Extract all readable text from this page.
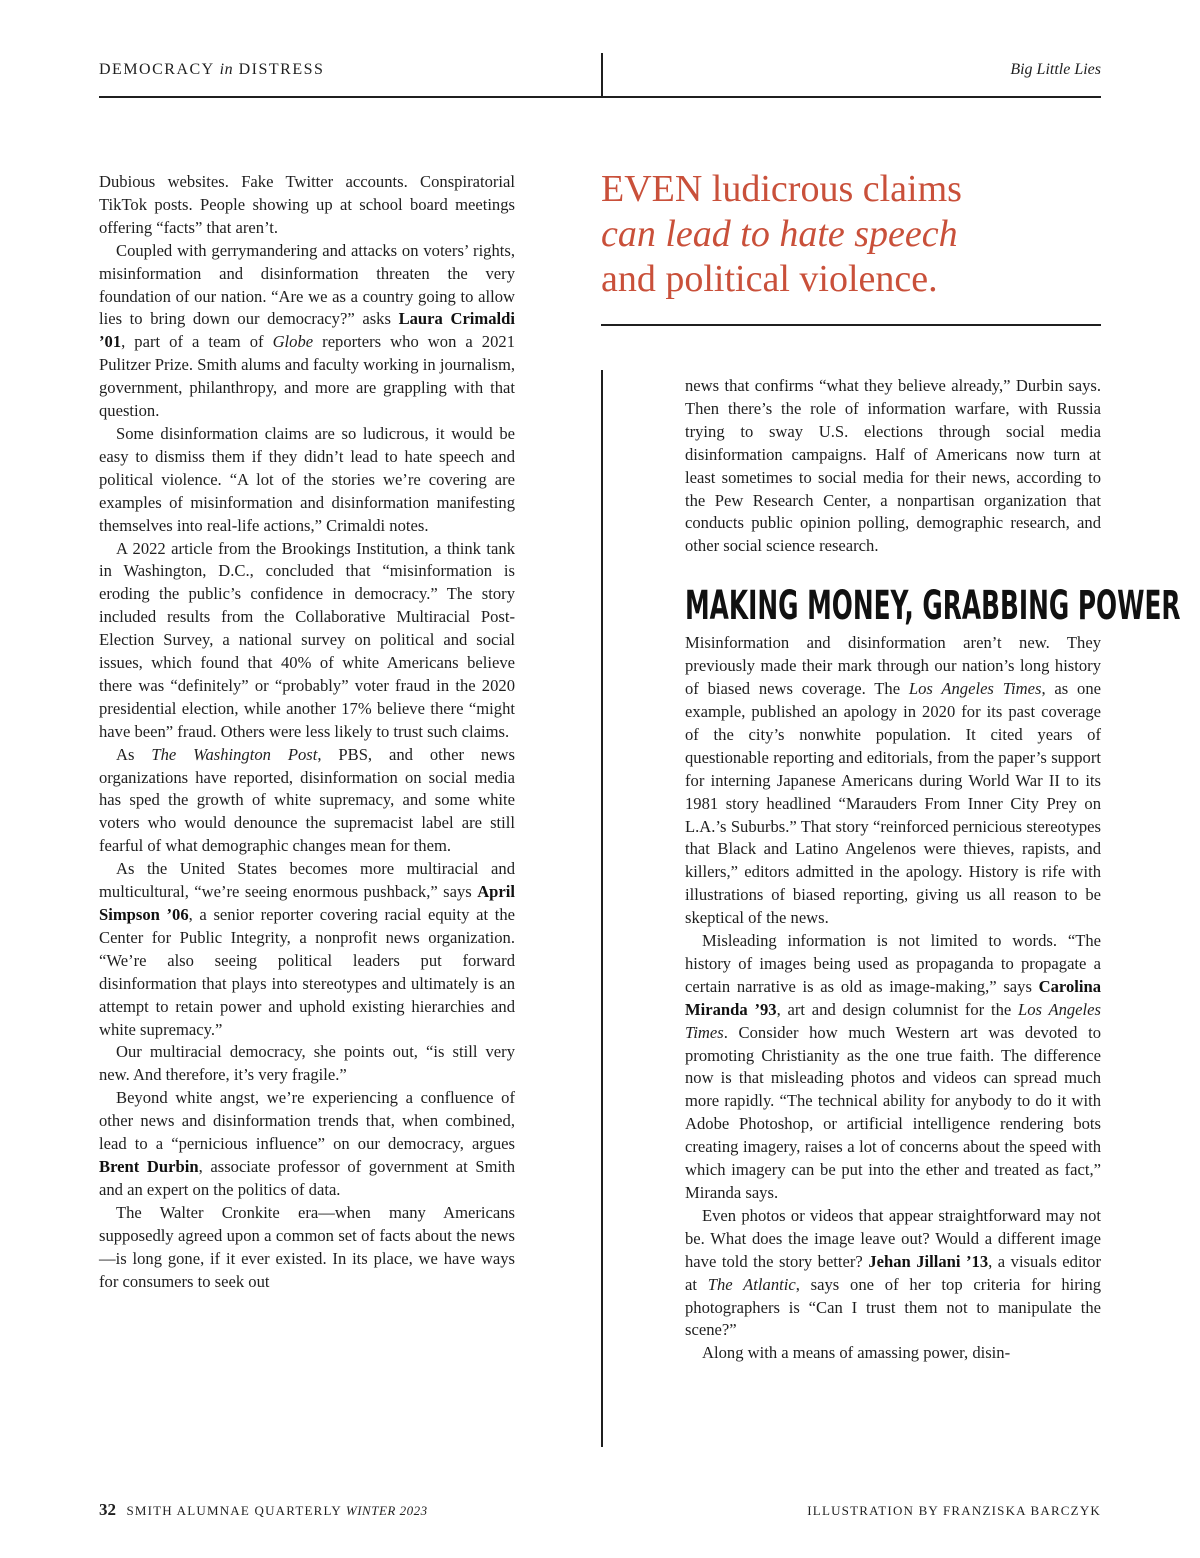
DEMOCRACY in DISTRESS	Big Little Lies

Dubious websites. Fake Twitter accounts. Conspiratorial TikTok posts. People showing up at school board meetings offering “facts” that aren’t.

Coupled with gerrymandering and attacks on voters’ rights, misinformation and disinformation threaten the very foundation of our nation. “Are we as a country going to allow lies to bring down our democracy?” asks Laura Crimaldi ’01, part of a team of Globe reporters who won a 2021 Pulitzer Prize. Smith alums and faculty working in journalism, government, philanthropy, and more are grappling with that question.

Some disinformation claims are so ludicrous, it would be easy to dismiss them if they didn’t lead to hate speech and political violence. “A lot of the stories we’re covering are examples of misinformation and disinformation manifesting themselves into real-life actions,” Crimaldi notes.

A 2022 article from the Brookings Institution, a think tank in Washington, D.C., concluded that “misinformation is eroding the public’s confidence in democracy.” The story included results from the Collaborative Multiracial Post-Election Survey, a national survey on political and social issues, which found that 40% of white Americans believe there was “definitely” or “probably” voter fraud in the 2020 presidential election, while another 17% believe there “might have been” fraud. Others were less likely to trust such claims.

As The Washington Post, PBS, and other news organizations have reported, disinformation on social media has sped the growth of white supremacy, and some white voters who would denounce the supremacist label are still fearful of what demographic changes mean for them.

As the United States becomes more multiracial and multicultural, “we’re seeing enormous pushback,” says April Simpson ’06, a senior reporter covering racial equity at the Center for Public Integrity, a nonprofit news organization. “We’re also seeing political leaders put forward disinformation that plays into stereotypes and ultimately is an attempt to retain power and uphold existing hierarchies and white supremacy.”

Our multiracial democracy, she points out, “is still very new. And therefore, it’s very fragile.”

Beyond white angst, we’re experiencing a confluence of other news and disinformation trends that, when combined, lead to a “pernicious influence” on our democracy, argues Brent Durbin, associate professor of government at Smith and an expert on the politics of data.

The Walter Cronkite era—when many Americans supposedly agreed upon a common set of facts about the news—is long gone, if it ever existed. In its place, we have ways for consumers to seek out

EVEN ludicrous claims
can lead to hate speech
and political violence.

news that confirms “what they believe already,” Durbin says. Then there’s the role of information warfare, with Russia trying to sway U.S. elections through social media disinformation campaigns. Half of Americans now turn at least sometimes to social media for their news, according to the Pew Research Center, a nonpartisan organization that conducts public opinion polling, demographic research, and other social science research.

MAKING MONEY, GRABBING POWER

Misinformation and disinformation aren’t new. They previously made their mark through our nation’s long history of biased news coverage. The Los Angeles Times, as one example, published an apology in 2020 for its past coverage of the city’s nonwhite population. It cited years of questionable reporting and editorials, from the paper’s support for interning Japanese Americans during World War II to its 1981 story headlined “Marauders From Inner City Prey on L.A.’s Suburbs.” That story “reinforced pernicious stereotypes that Black and Latino Angelenos were thieves, rapists, and killers,” editors admitted in the apology. History is rife with illustrations of biased reporting, giving us all reason to be skeptical of the news.

Misleading information is not limited to words. “The history of images being used as propaganda to propagate a certain narrative is as old as image-making,” says Carolina Miranda ’93, art and design columnist for the Los Angeles Times. Consider how much Western art was devoted to promoting Christianity as the one true faith. The difference now is that misleading photos and videos can spread much more rapidly. “The technical ability for anybody to do it with Adobe Photoshop, or artificial intelligence rendering bots creating imagery, raises a lot of concerns about the speed with which imagery can be put into the ether and treated as fact,” Miranda says.

Even photos or videos that appear straightforward may not be. What does the image leave out? Would a different image have told the story better? Jehan Jillani ’13, a visuals editor at The Atlantic, says one of her top criteria for hiring photographers is “Can I trust them not to manipulate the scene?”

Along with a means of amassing power, disin-

32 SMITH ALUMNAE QUARTERLY WINTER 2023	ILLUSTRATION BY FRANZISKA BARCZYK
